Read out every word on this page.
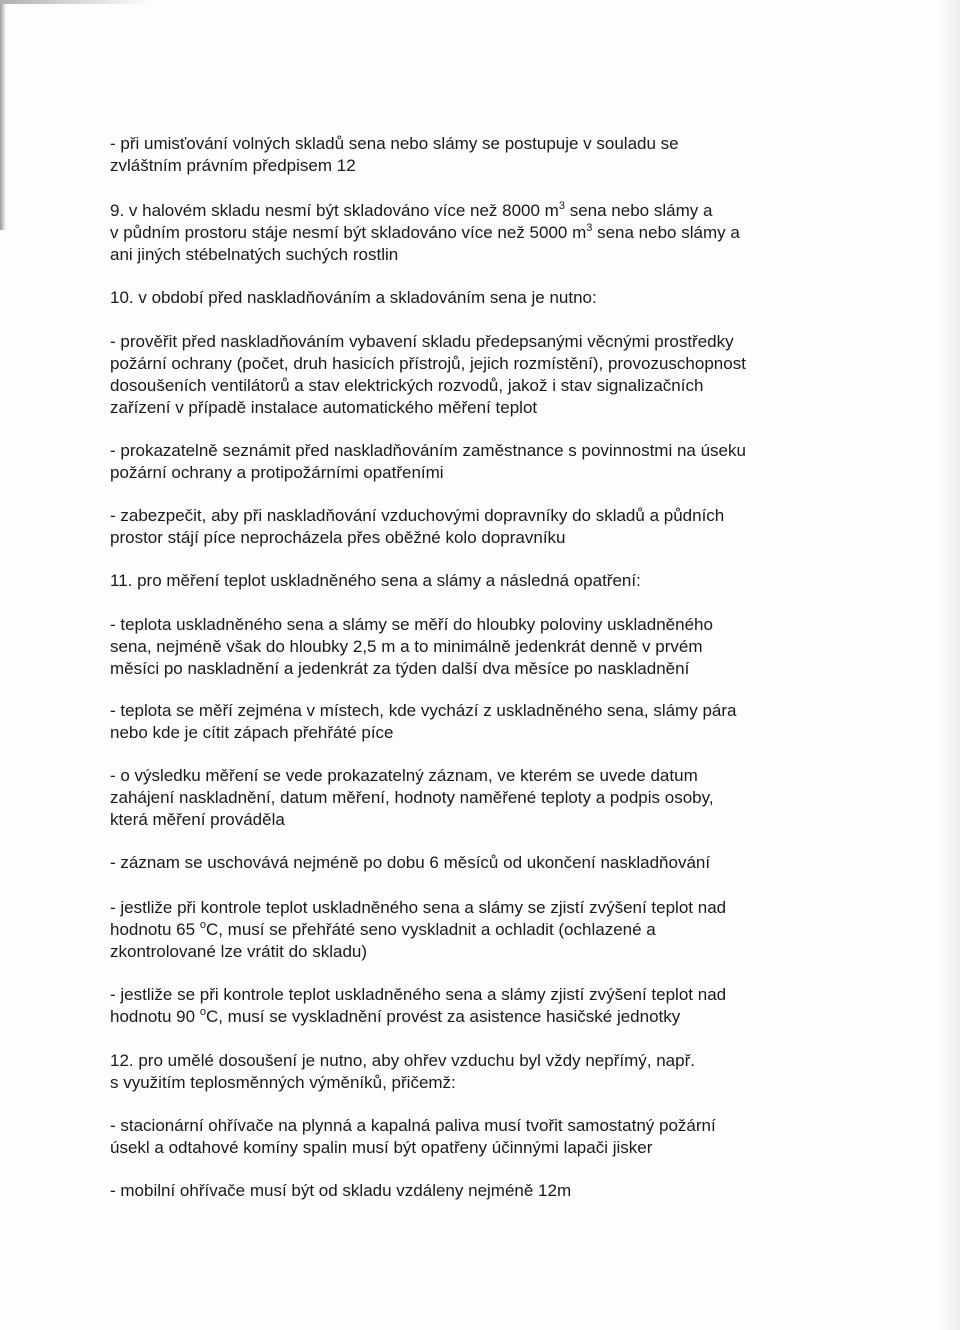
- při umisťování volných skladů sena nebo slámy se postupuje v souladu se
zvláštním právním předpisem 12
9. v halovém skladu nesmí být skladováno více než 8000 $m^3$ sena nebo slámy a
v půdním prostoru stáje nesmí být skladováno více než 5000 $m^3$ sena nebo slámy a
ani jiných stébelnatých suchých rostlin
10. v období před naskladňováním a skladováním sena je nutno:
- prověřit před naskladňováním vybavení skladu předepsanými věcnými prostředky
požární ochrany (počet, druh hasicích přístrojů, jejich rozmístění), provozuschopnost
dosoušeních ventilátorů a stav elektrických rozvodů, jakož i stav signalizačních
zařízení v případě instalace automatického měření teplot
- prokazatelně seznámit před naskladňováním zaměstnance s povinnostmi na úseku
požární ochrany a protipožárními opatřeními
- zabezpečit, aby při naskladňování vzduchovými dopravníky do skladů a půdních
prostor stájí píce neprocházela přes oběžné kolo dopravníku
11. pro měření teplot uskladněného sena a slámy a následná opatření:
- teplota uskladněného sena a slámy se měří do hloubky poloviny uskladněného
sena, nejméně však do hloubky 2,5 m a to minimálně jedenkrát denně v prvém
měsíci po naskladnění a jedenkrát za týden další dva měsíce po naskladnění
- teplota se měří zejména v místech, kde vychází z uskladněného sena, slámy pára
nebo kde je cítit zápach přehřáté píce
- o výsledku měření se vede prokazatelný záznam, ve kterém se uvede datum
zahájení naskladnění, datum měření, hodnoty naměřené teploty a podpis osoby,
která měření prováděla
- záznam se uschovává nejméně po dobu 6 měsíců od ukončení naskladňování
- jestliže při kontrole teplot uskladněného sena a slámy se zjistí zvýšení teplot nad
hodnotu 65 $^o$C, musí se přehřáté seno vyskladnit a ochladit (ochlazené a
zkontrolované lze vrátit do skladu)
- jestliže se při kontrole teplot uskladněného sena a slámy zjistí zvýšení teplot nad
hodnotu 90 $^o$C, musí se vyskladnění provést za asistence hasičské jednotky
12. pro umělé dosoušení je nutno, aby ohřev vzduchu byl vždy nepřímý, např.
s využitím teplosměnných výměníků, přičemž:
- stacionární ohřívače na plynná a kapalná paliva musí tvořit samostatný požární
úsekl a odtahové komíny spalin musí být opatřeny účinnými lapači jisker
- mobilní ohřívače musí být od skladu vzdáleny nejméně 12m
